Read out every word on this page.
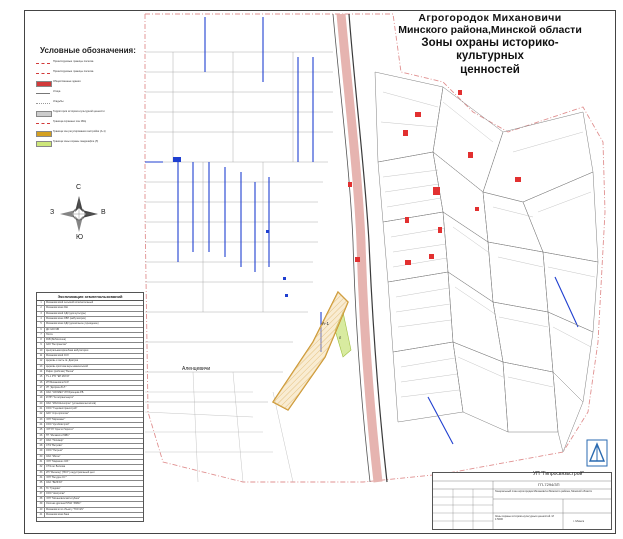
Агрогородок Михановичи
Минского района,Минской области
Зоны охраны историко-культурных
ценностей
Условные обозначения:
Проектируемые границы поселка
Проектируемые границы поселка
Общественные здания
Улица
Усадьбы
Территория историко-культурной ценности
Граница охранных зон ИКЦ
Граница зон регулирования застройки (А-1)
Граница зоны охраны ландшафта (Л)
С
Ю
З	В
Экспликация землепользований
1	Михановичский сельский исполнительный
2	Михановичская СШ
3	Михановичский СДК (дом культуры)
4	Михановичская ОВП (амбулатория)
5	Михановичская СДК (дошкольное учреждение)
6	ДК ОАО МБ
7	Почта
8	РАВ (Библиотека)
9	ЗАО "Белтрансгаз"
10	Центральная врачебная амбулатория
11	Михановичский ССХ
12	Церковь и часть св. Дмитрия
13	Церковь христиан веры евангельской
14	Рафис (рабочая) "Весна"
15	ТЧ-1 РТУ "ЕП МСУЭ"
16	ИП Михановичи М.Р.
17	УП "Дисрмон В.Л."
18	ОАО "СИЛМЕХ" ИП Бринцева Р.В.
19	КУПП "Атомтрансэнерго"
20	ОАО "МАЗ-Мелиоргаз" (установка металлов)
21	ООО "Тэцкомиптрансстрой"
22	ЗАО "Агро-пропогаз"
23	ЧУП "Мирапакет"
24	ООО "Купибовстрой"
25	ЧУТУП "Кристо Пиритос"
26	ТП "Мелавита ЛЭВС"
27	ОАО "Полимир"
28	СТЭ "Ветрова"
29	ООО "Нетрекс"
30	ОАО "Мичэк"
31	ЧУП "Мариахиз Э.В."
32	СТЭ им. Волкова
33	ИП "Мегасад" ("ВСУ") индустриальный цент
34	ЧУП "Бегудин О.Г."
35	ОАО "БЕЛГАЗ"
36	ГС "Гридива"
37	ООО "Авитрогаз"
38	ЧУП "Михановичский клубник"
39	Охотная дрягина РУМА "ЗМБС"
40	Михановичи по объекту "ТКИ ЖЧ"
41	Михановичская баня
Аленцевичи
А-1
Л
УП "Гипросвязьстрой"
ГП-7294/3П
Генеральный план агрогородка Михановичи Минского района, Минской области
Зоны охраны историко-культурных ценностей. М 1:5000	г. Минск
